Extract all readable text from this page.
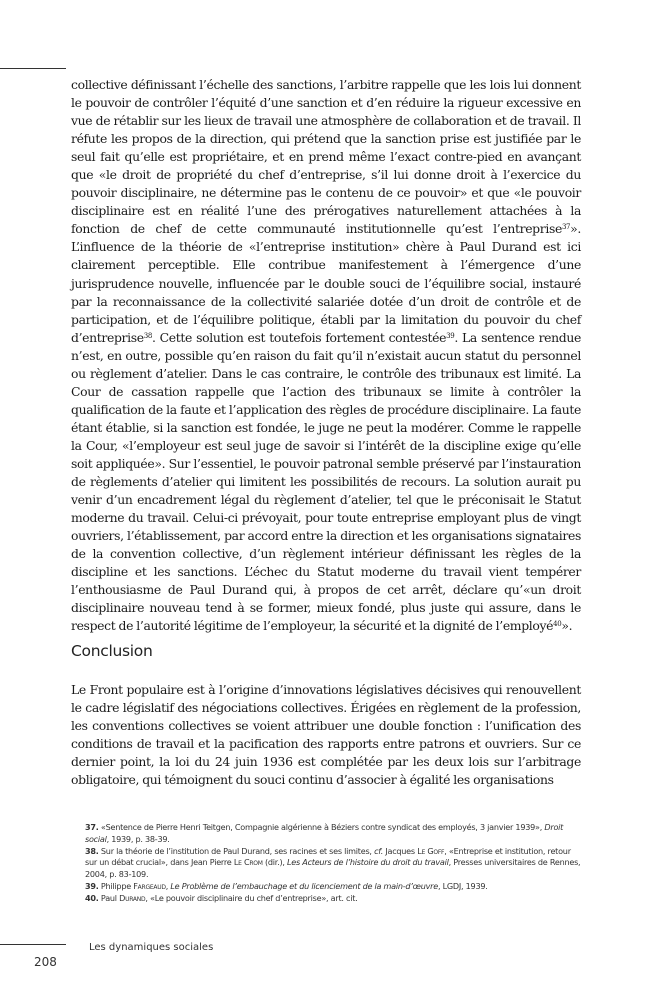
collective définissant l’échelle des sanctions, l’arbitre rappelle que les lois lui donnent le pouvoir de contrôler l’équité d’une sanction et d’en réduire la rigueur excessive en vue de rétablir sur les lieux de travail une atmosphère de collaboration et de travail. Il réfute les propos de la direction, qui prétend que la sanction prise est justifiée par le seul fait qu’elle est propriétaire, et en prend même l’exact contre-pied en avançant que «le droit de propriété du chef d’entreprise, s’il lui donne droit à l’exercice du pouvoir disciplinaire, ne détermine pas le contenu de ce pouvoir» et que «le pouvoir disciplinaire est en réalité l’une des prérogatives naturellement attachées à la fonction de chef de cette communauté institutionnelle qu’est l’entreprise$^{37}$». L’influence de la théorie de «l’entreprise institution» chère à Paul Durand est ici clairement perceptible. Elle contribue manifestement à l’émergence d’une jurisprudence nouvelle, influencée par le double souci de l’équilibre social, instauré par la reconnaissance de la collectivité salariée dotée d’un droit de contrôle et de participation, et de l’équilibre politique, établi par la limitation du pouvoir du chef d’entreprise$^{38}$. Cette solution est toutefois fortement contestée$^{39}$. La sentence rendue n’est, en outre, possible qu’en raison du fait qu’il n’existait aucun statut du personnel ou règlement d’atelier. Dans le cas contraire, le contrôle des tribunaux est limité. La Cour de cassation rappelle que l’action des tribunaux se limite à contrôler la qualification de la faute et l’application des règles de procédure disciplinaire. La faute étant établie, si la sanction est fondée, le juge ne peut la modérer. Comme le rappelle la Cour, «l’employeur est seul juge de savoir si l’intérêt de la discipline exige qu’elle soit appliquée». Sur l’essentiel, le pouvoir patronal semble préservé par l’instauration de règlements d’atelier qui limitent les possibilités de recours. La solution aurait pu venir d’un encadrement légal du règlement d’atelier, tel que le préconisait le Statut moderne du travail. Celui-ci prévoyait, pour toute entreprise employant plus de vingt ouvriers, l’établissement, par accord entre la direction et les organisations signataires de la convention collective, d’un règlement intérieur définissant les règles de la discipline et les sanctions. L’échec du Statut moderne du travail vient tempérer l’enthousiasme de Paul Durand qui, à propos de cet arrêt, déclare qu’«un droit disciplinaire nouveau tend à se former, mieux fondé, plus juste qui assure, dans le respect de l’autorité légitime de l’employeur, la sécurité et la dignité de l’employé$^{40}$».

Conclusion
Le Front populaire est à l’origine d’innovations législatives décisives qui renouvellent le cadre législatif des négociations collectives. Érigées en règlement de la profession, les conventions collectives se voient attribuer une double fonction : l’unification des conditions de travail et la pacification des rapports entre patrons et ouvriers. Sur ce dernier point, la loi du 24 juin 1936 est complétée par les deux lois sur l’arbitrage obligatoire, qui témoignent du souci continu d’associer à égalité les organisations

37. «Sentence de Pierre Henri Teitgen, Compagnie algérienne à Béziers contre syndicat des employés, 3 janvier 1939», Droit social, 1939, p. 38-39.

38. Sur la théorie de l’institution de Paul Durand, ses racines et ses limites, cf. Jacques Le Goff, «Entreprise et institution, retour sur un débat crucial», dans Jean Pierre Le Crom (dir.), Les Acteurs de l’histoire du droit du travail, Presses universitaires de Rennes, 2004, p. 83-109.

39. Philippe Fargeaud, Le Problème de l’embauchage et du licenciement de la main-d’œuvre, LGDJ, 1939.

40. Paul Durand, «Le pouvoir disciplinaire du chef d’entreprise», art. cit.

Les dynamiques sociales
208
